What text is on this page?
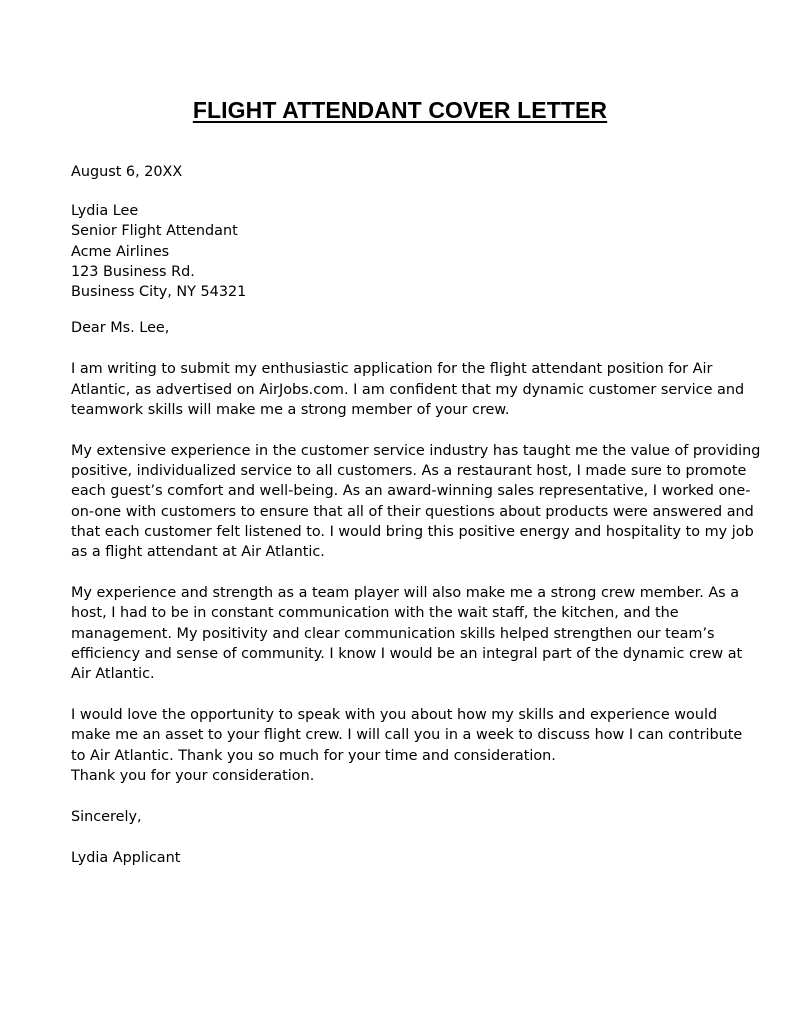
FLIGHT ATTENDANT COVER LETTER

August 6, 20XX

Lydia Lee
Senior Flight Attendant
Acme Airlines
123 Business Rd.
Business City, NY 54321

Dear Ms. Lee,

I am writing to submit my enthusiastic application for the flight attendant position for Air
Atlantic, as advertised on AirJobs.com. I am confident that my dynamic customer service and
teamwork skills will make me a strong member of your crew.

My extensive experience in the customer service industry has taught me the value of providing
positive, individualized service to all customers. As a restaurant host, I made sure to promote
each guest’s comfort and well-being. As an award-winning sales representative, I worked one-
on-one with customers to ensure that all of their questions about products were answered and
that each customer felt listened to. I would bring this positive energy and hospitality to my job
as a flight attendant at Air Atlantic.

My experience and strength as a team player will also make me a strong crew member. As a
host, I had to be in constant communication with the wait staff, the kitchen, and the
management. My positivity and clear communication skills helped strengthen our team’s
efficiency and sense of community. I know I would be an integral part of the dynamic crew at
Air Atlantic.

I would love the opportunity to speak with you about how my skills and experience would
make me an asset to your flight crew. I will call you in a week to discuss how I can contribute
to Air Atlantic. Thank you so much for your time and consideration.
Thank you for your consideration.

Sincerely,

Lydia Applicant
